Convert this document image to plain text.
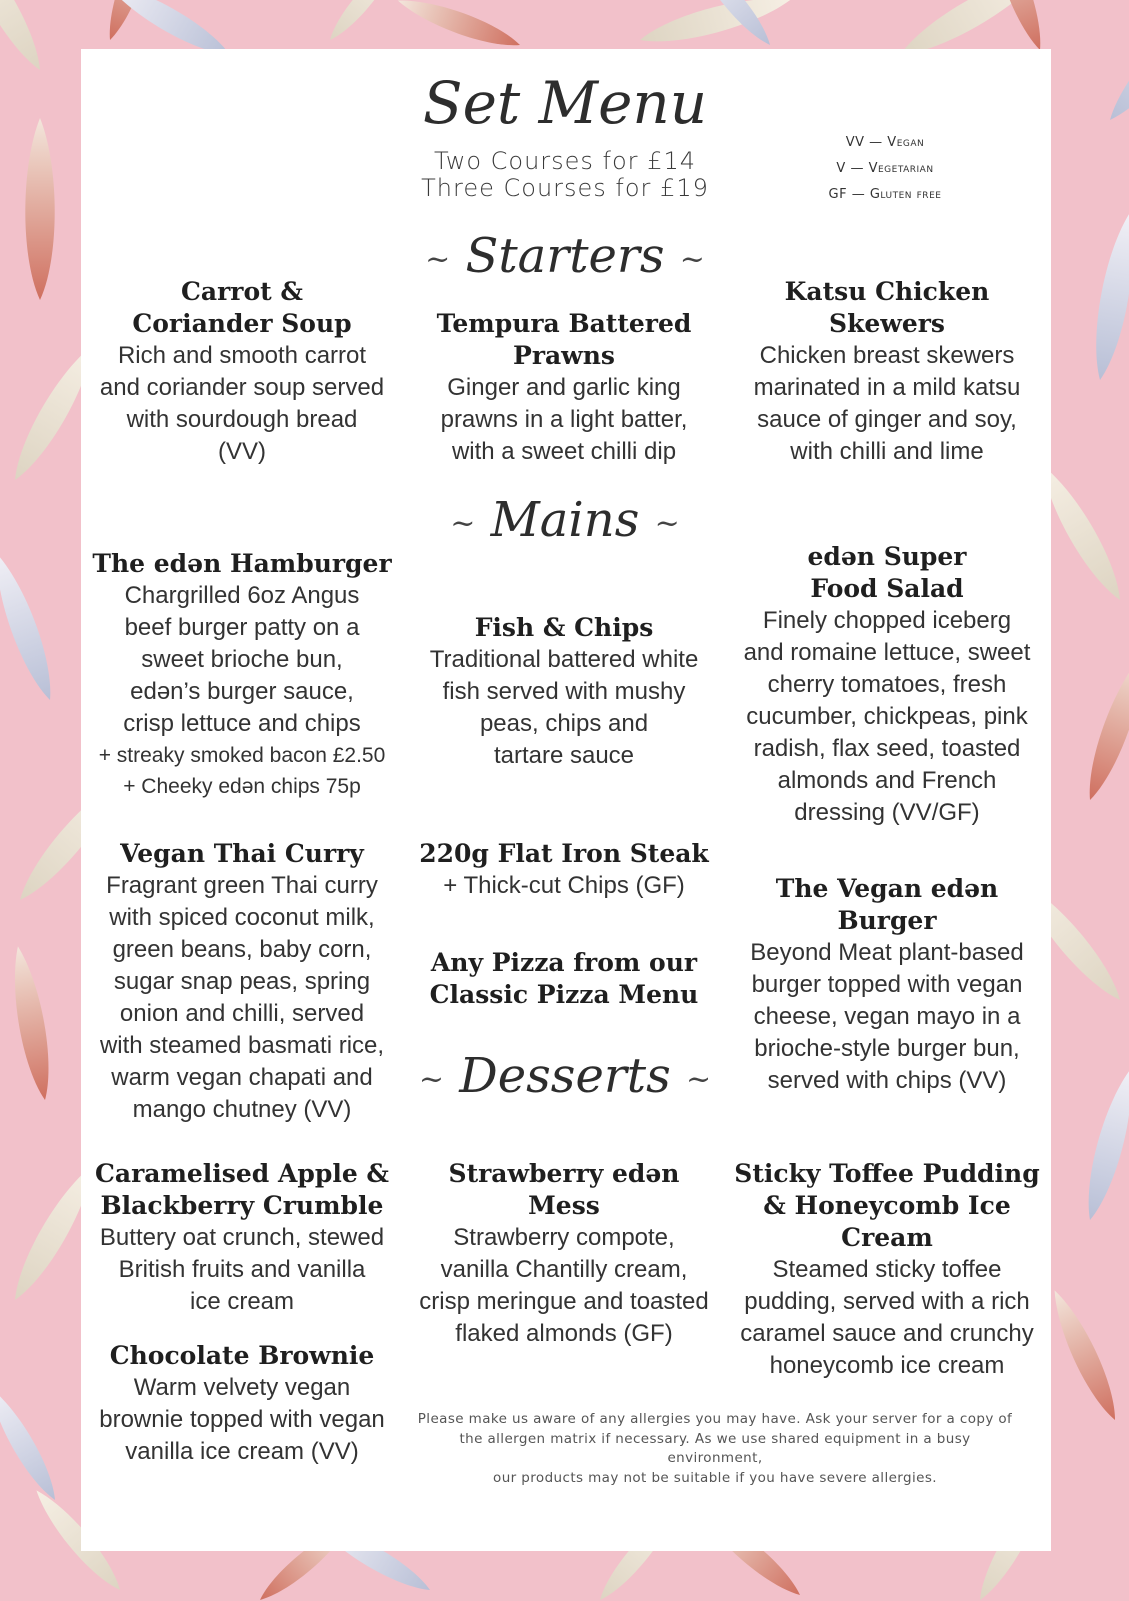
Set Menu
Two Courses for £14
Three Courses for £19
VV — Vegan
V — Vegetarian
GF — Gluten free
~ Starters ~
~ Mains ~
~ Desserts ~
Carrot &
Coriander Soup
Rich and smooth carrot
and coriander soup served
with sourdough bread
(VV)
Tempura Battered
Prawns
Ginger and garlic king
prawns in a light batter,
with a sweet chilli dip
Katsu Chicken
Skewers
Chicken breast skewers
marinated in a mild katsu
sauce of ginger and soy,
with chilli and lime
The edən Hamburger
Chargrilled 6oz Angus
beef burger patty on a
sweet brioche bun,
edən’s burger sauce,
crisp lettuce and chips
+ streaky smoked bacon £2.50
+ Cheeky edən chips 75p
Fish & Chips
Traditional battered white
fish served with mushy
peas, chips and
tartare sauce
edən Super
Food Salad
Finely chopped iceberg
and romaine lettuce, sweet
cherry tomatoes, fresh
cucumber, chickpeas, pink
radish, flax seed, toasted
almonds and French
dressing (VV/GF)
Vegan Thai Curry
Fragrant green Thai curry
with spiced coconut milk,
green beans, baby corn,
sugar snap peas, spring
onion and chilli, served
with steamed basmati rice,
warm vegan chapati and
mango chutney (VV)
220g Flat Iron Steak
+ Thick-cut Chips (GF)
Any Pizza from our
Classic Pizza Menu
The Vegan edən
Burger
Beyond Meat plant-based
burger topped with vegan
cheese, vegan mayo in a
brioche-style burger bun,
served with chips (VV)
Caramelised Apple &
Blackberry Crumble
Buttery oat crunch, stewed
British fruits and vanilla
ice cream
Strawberry edən
Mess
Strawberry compote,
vanilla Chantilly cream,
crisp meringue and toasted
flaked almonds (GF)
Sticky Toffee Pudding
& Honeycomb Ice
Cream
Steamed sticky toffee
pudding, served with a rich
caramel sauce and crunchy
honeycomb ice cream
Chocolate Brownie
Warm velvety vegan
brownie topped with vegan
vanilla ice cream (VV)
Please make us aware of any allergies you may have. Ask your server for a copy of
the allergen matrix if necessary. As we use shared equipment in a busy environment,
our products may not be suitable if you have severe allergies.
